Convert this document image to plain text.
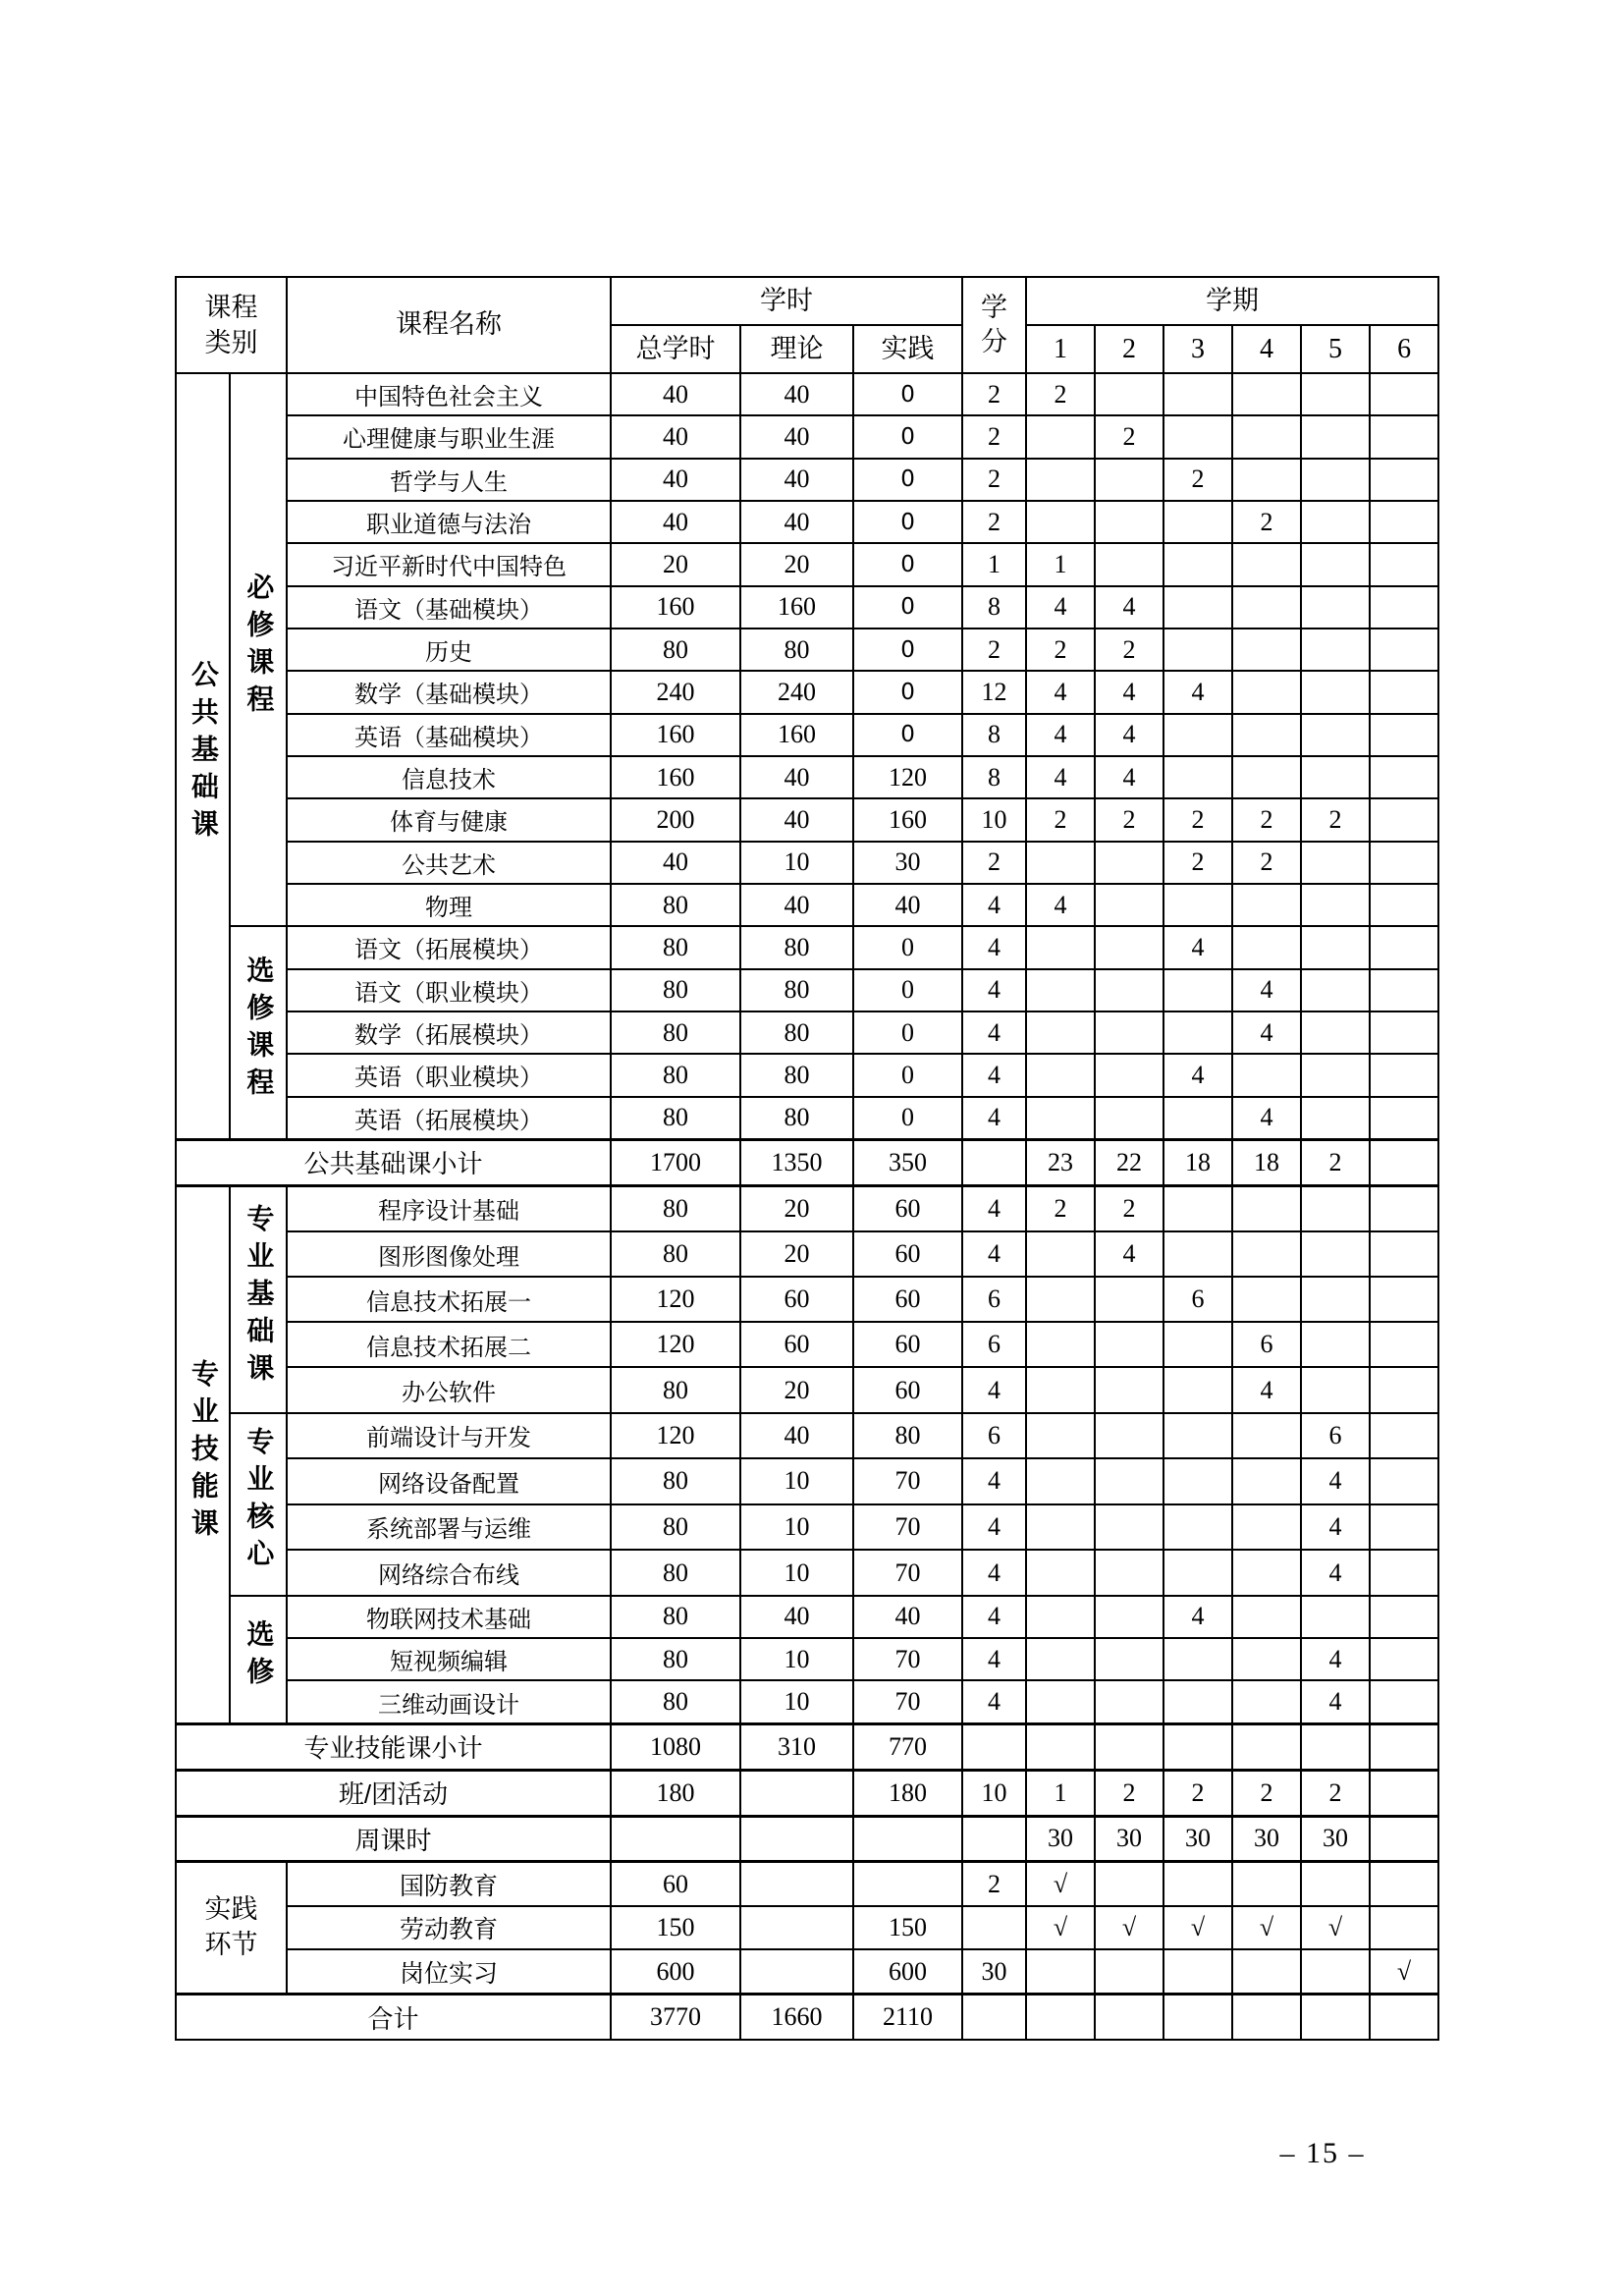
课程类别		课程名称	学时			学分	学期					
			总学时	理论	实践		1	2	3	4	5	6
公共基础课	必修课程	中国特色社会主义	40	40	0	2	2					
		心理健康与职业生涯	40	40	0	2		2				
		哲学与人生	40	40	0	2			2			
		职业道德与法治	40	40	0	2				2		
		习近平新时代中国特色	20	20	0	1	1					
		语文（基础模块）	160	160	0	8	4	4				
		历史	80	80	0	2	2	2				
		数学（基础模块）	240	240	0	12	4	4	4			
		英语（基础模块）	160	160	0	8	4	4				
		信息技术	160	40	120	8	4	4				
		体育与健康	200	40	160	10	2	2	2	2	2	
		公共艺术	40	10	30	2			2	2		
		物理	80	40	40	4	4					
	选修课程	语文（拓展模块）	80	80	0	4			4			
		语文（职业模块）	80	80	0	4				4		
		数学（拓展模块）	80	80	0	4				4		
		英语（职业模块）	80	80	0	4			4			
		英语（拓展模块）	80	80	0	4				4		
公共基础课小计			1700	1350	350		23	22	18	18	2	
专业技能课	专业基础课	程序设计基础	80	20	60	4	2	2				
		图形图像处理	80	20	60	4		4				
		信息技术拓展一	120	60	60	6			6			
		信息技术拓展二	120	60	60	6				6		
		办公软件	80	20	60	4				4		
	专业核心	前端设计与开发	120	40	80	6					6	
		网络设备配置	80	10	70	4					4	
		系统部署与运维	80	10	70	4					4	
		网络综合布线	80	10	70	4					4	
	选修	物联网技术基础	80	40	40	4			4			
		短视频编辑	80	10	70	4					4	
		三维动画设计	80	10	70	4					4	
专业技能课小计			1080	310	770							
班/团活动			180		180	10	1	2	2	2	2	
周课时							30	30	30	30	30	
实践环节		国防教育	60			2	√					
		劳动教育	150		150		√	√	√	√	√	
		岗位实习	600		600	30						√
合计			3770	1660	2110							
– 15 –
